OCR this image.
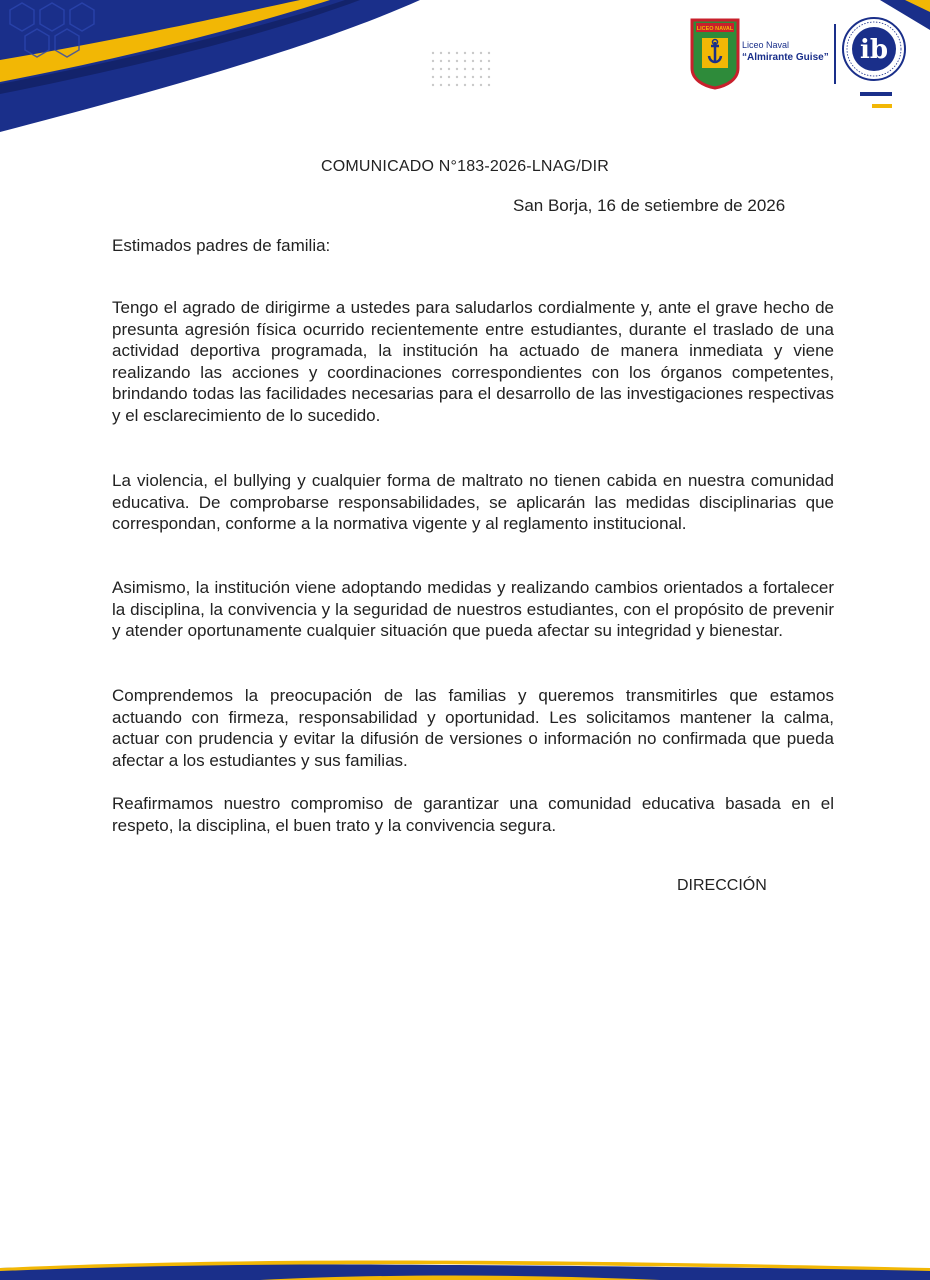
LICEO NAVAL
ib
Liceo Naval
“Almirante Guise”
COMUNICADO N°183-2026-LNAG/DIR
San Borja, 16 de setiembre de 2026
Estimados padres de familia:

Tengo el agrado de dirigirme a ustedes para saludarlos cordialmente y, ante el grave hecho de presunta agresión física ocurrido recientemente entre estudiantes, durante el traslado de una actividad deportiva programada, la institución ha actuado de manera inmediata y viene realizando las acciones y coordinaciones correspondientes con los órganos competentes, brindando todas las facilidades necesarias para el desarrollo de las investigaciones respectivas y el esclarecimiento de lo sucedido.

La violencia, el bullying y cualquier forma de maltrato no tienen cabida en nuestra comunidad educativa. De comprobarse responsabilidades, se aplicarán las medidas disciplinarias que correspondan, conforme a la normativa vigente y al reglamento institucional.

Asimismo, la institución viene adoptando medidas y realizando cambios orientados a fortalecer la disciplina, la convivencia y la seguridad de nuestros estudiantes, con el propósito de prevenir y atender oportunamente cualquier situación que pueda afectar su integridad y bienestar.

Comprendemos la preocupación de las familias y queremos transmitirles que estamos actuando con firmeza, responsabilidad y oportunidad. Les solicitamos mantener la calma, actuar con prudencia y evitar la difusión de versiones o información no confirmada que pueda afectar a los estudiantes y sus familias.

Reafirmamos nuestro compromiso de garantizar una comunidad educativa basada en el respeto, la disciplina, el buen trato y la convivencia segura.

DIRECCIÓN
